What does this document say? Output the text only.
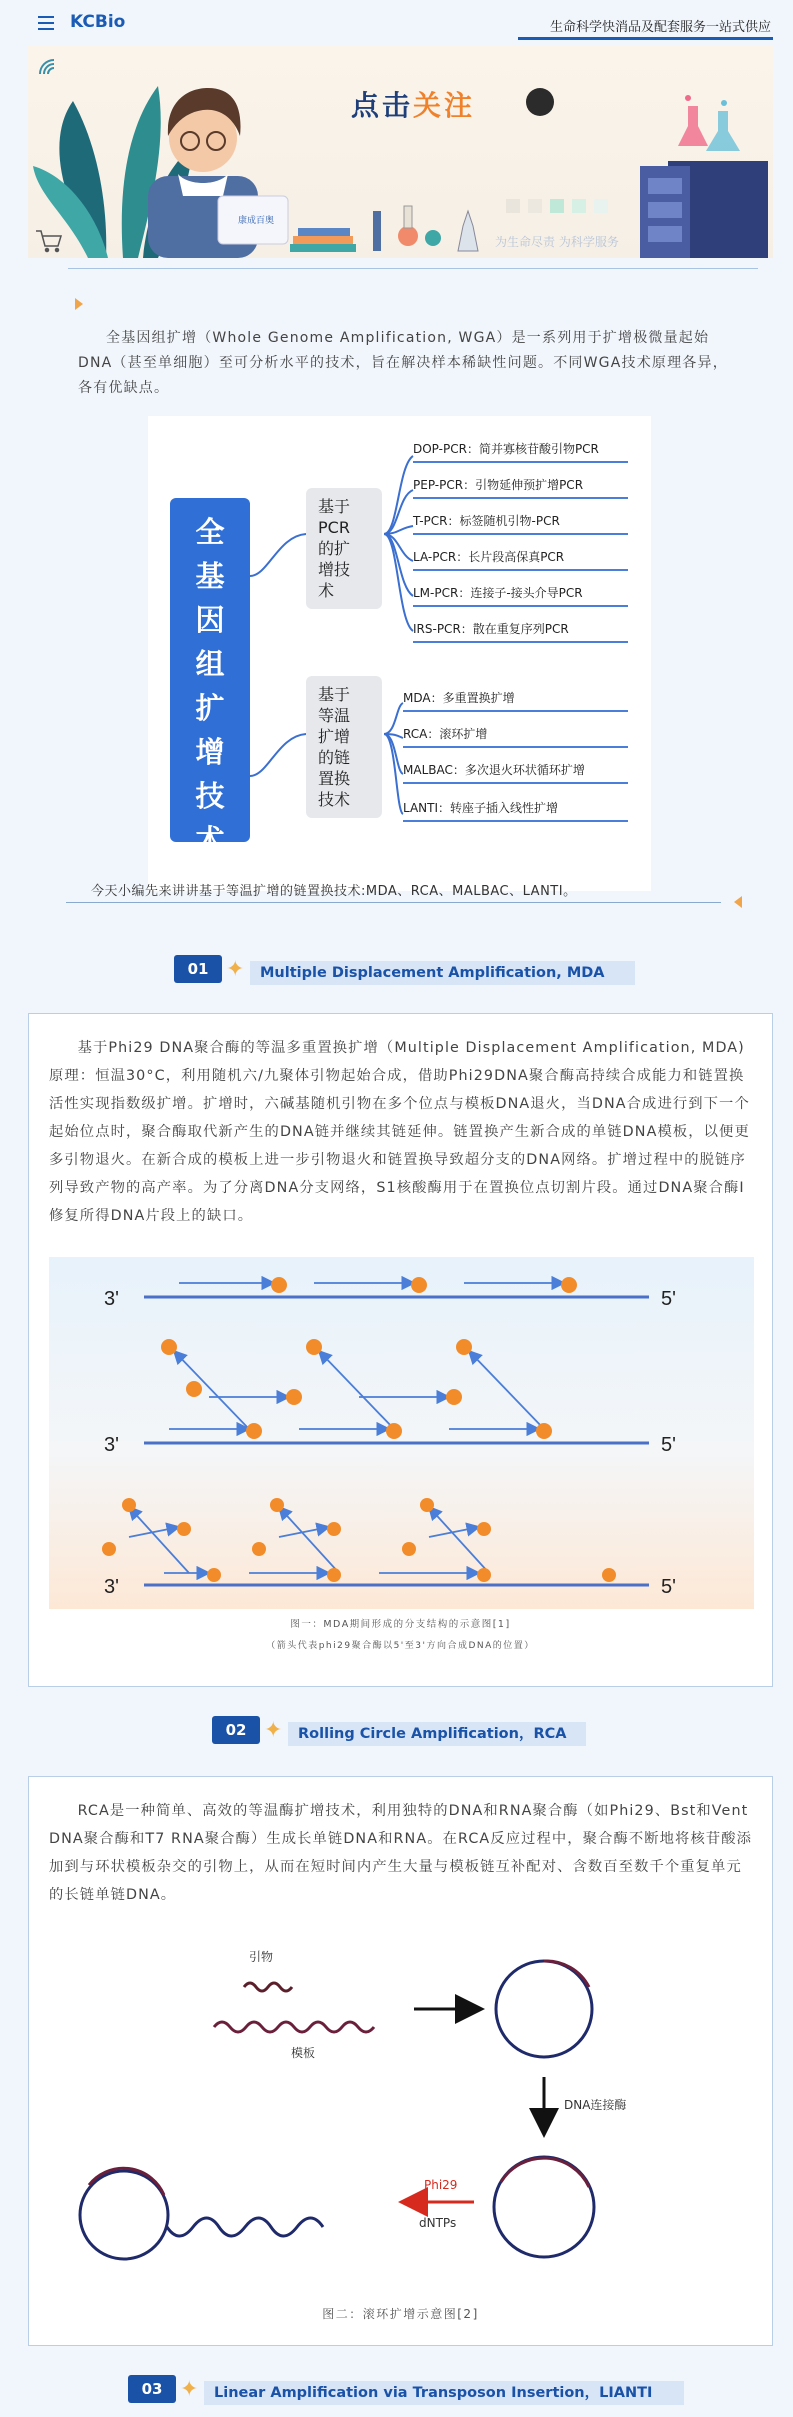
KCBio	生命科学快消品及配套服务一站式供应
康成百奥
点击关注
为生命尽责 为科学服务
全基因组扩增（Whole Genome Amplification, WGA）是一系列用于扩增极微量起始DNA（甚至单细胞）至可分析水平的技术，旨在解决样本稀缺性问题。不同WGA技术原理各异，各有优缺点。
全
基
因
组
扩
增
技
术
基于
PCR
的扩
增技
术
基于
等温
扩增
的链
置换
技术
DOP-PCR：简并寡核苷酸引物PCR
PEP-PCR：引物延伸预扩增PCR
T-PCR：标签随机引物-PCR
LA-PCR：长片段高保真PCR
LM-PCR：连接子-接头介导PCR
IRS-PCR：散在重复序列PCR
MDA：多重置换扩增
RCA：滚环扩增
MALBAC：多次退火环状循环扩增
LANTI：转座子插入线性扩增
今天小编先来讲讲基于等温扩增的链置换技术:MDA、RCA、MALBAC、LANTI。
01 ✦	Multiple Displacement Amplification, MDA
基于Phi29 DNA聚合酶的等温多重置换扩增（Multiple Displacement Amplification, MDA)原理：恒温30°C，利用随机六/九聚体引物起始合成，借助Phi29DNA聚合酶高持续合成能力和链置换活性实现指数级扩增。扩增时，六碱基随机引物在多个位点与模板DNA退火，当DNA合成进行到下一个起始位点时，聚合酶取代新产生的DNA链并继续其链延伸。链置换产生新合成的单链DNA模板，以便更多引物退火。在新合成的模板上进一步引物退火和链置换导致超分支的DNA网络。扩增过程中的脱链序列导致产物的高产率。为了分离DNA分支网络，S1核酸酶用于在置换位点切割片段。通过DNA聚合酶I修复所得DNA片段上的缺口。
3'	5'
3'	5'
3'	5'
图一：MDA期间形成的分支结构的示意图[1]
（箭头代表phi29聚合酶以5'至3'方向合成DNA的位置）
02 ✦	Rolling Circle Amplification，RCA
RCA是一种简单、高效的等温酶扩增技术，利用独特的DNA和RNA聚合酶（如Phi29、Bst和Vent DNA聚合酶和T7 RNA聚合酶）生成长单链DNA和RNA。在RCA反应过程中，聚合酶不断地将核苷酸添加到与环状模板杂交的引物上，从而在短时间内产生大量与模板链互补配对、含数百至数千个重复单元的长链单链DNA。
引物
模板
DNA连接酶
Phi29
dNTPs
图二：滚环扩增示意图[2]
03 ✦	Linear Amplification via Transposon Insertion，LIANTI
